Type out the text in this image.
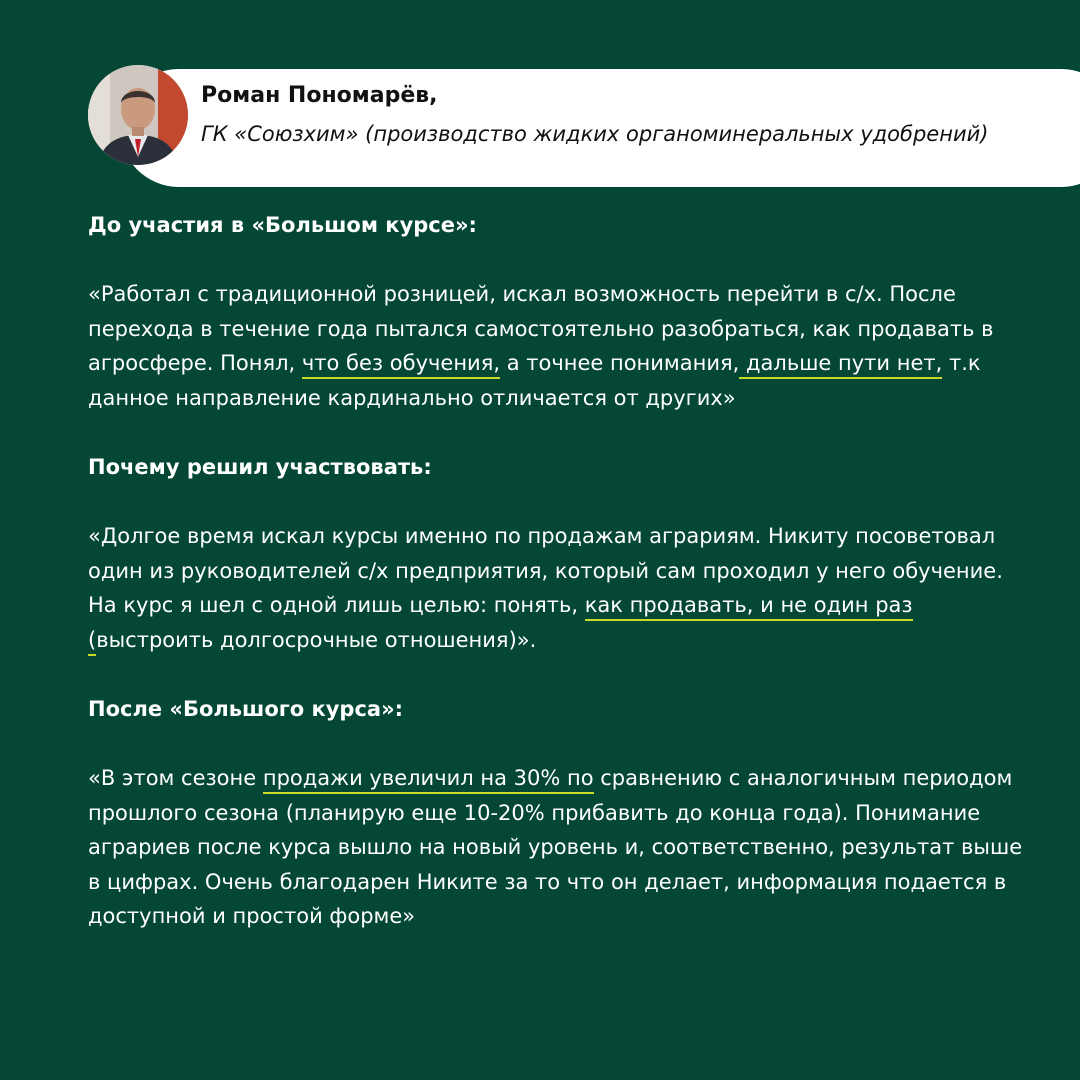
Роман Пономарёв,
ГК «Союзхим» (производство жидких органоминеральных удобрений)

До участия в «Большом курсе»:

«Работал с традиционной розницей, искал возможность перейти в с/х. После перехода в течение года пытался самостоятельно разобраться, как продавать в агросфере. Понял, что без обучения, а точнее понимания, дальше пути нет, т.к данное направление кардинально отличается от других»

Почему решил участвовать:

«Долгое время искал курсы именно по продажам аграриям. Никиту посоветовал один из руководителей с/х предприятия, который сам проходил у него обучение. На курс я шел с одной лишь целью: понять, как продавать, и не один раз (выстроить долгосрочные отношения)».

После «Большого курса»:

«В этом сезоне продажи увеличил на 30% по сравнению с аналогичным периодом прошлого сезона (планирую еще 10-20% прибавить до конца года). Понимание аграриев после курса вышло на новый уровень и, соответственно, результат выше в цифрах. Очень благодарен Никите за то что он делает, информация подается в доступной и простой форме»
